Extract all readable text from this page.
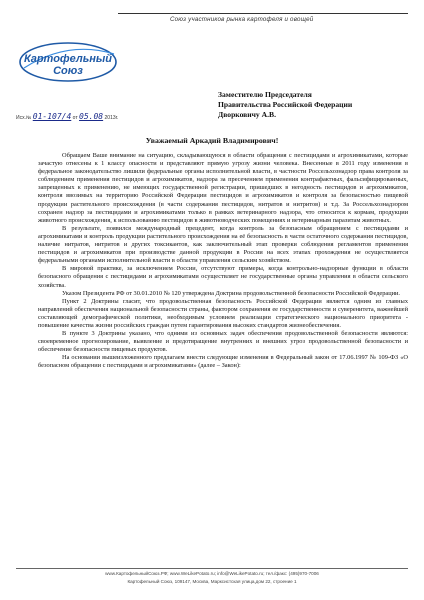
Союз участников рынка картофеля и овощей
Картофельный
Союз
Заместителю Председателя
Правительства Российской Федерации
Дворковичу А.В.
Исх.№ 01-107/4 от 05.08 2013г.
Уважаемый Аркадий Владимирович!

Обращаем Ваше внимание на ситуацию, складывающуюся в области обращения с пестицидами и агрохимикатами, которые зачастую отнесены к 1 классу опасности и представляют прямую угрозу жизни человека. Внесенные в 2011 году изменения в федеральное законодательство лишили федеральные органы исполнительной власти, в частности Россельхознадзор права контроля за соблюдением применения пестицидов и агрохимикатов, надзора за пресечением применения контрафактных, фальсифицированных, запрещенных к применению, не имеющих государственной регистрации, пришедших в негодность пестицидов и агрохимикатов, контроля ввозимых на территорию Российской Федерации пестицидов и агрохимикатов и контроля за безопасностью пищевой продукции растительного происхождения (в части содержания пестицидов, нитратов и нитритов) и т.д. За Россельхознадзором сохранен надзор за пестицидами и агрохимикатами только в рамках ветеринарного надзора, что относится к кормам, продукции животного происхождения, к использованию пестицидов в животноводческих помещениях и ветеринарным паразитам животных.

В результате, появился международный прецедент, когда контроль за безопасным обращением с пестицидами и агрохимикатами и контроль продукции растительного происхождения на её безопасность в части остаточного содержания пестицидов, наличие нитратов, нитритов и других токсикантов, как заключительный этап проверки соблюдения регламентов применения пестицидов и агрохимикатов при производстве данной продукции в России на всех этапах прохождения не осуществляется федеральными органами исполнительной власти в области управления сельским хозяйством.

В мировой практике, за исключением России, отсутствуют примеры, когда контрольно-надзорные функции в области безопасного обращения с пестицидами и агрохимикатами осуществляет не государственные органы управления в области сельского хозяйства.

Указом Президента РФ от 30.01.2010 № 120 утверждена Доктрина продовольственной безопасности Российской Федерации.

Пункт 2 Доктрины гласит, что продовольственная безопасность Российской Федерации является одним из главных направлений обеспечения национальной безопасности страны, фактором сохранения ее государственности и суверенитета, важнейшей составляющей демографической политики, необходимым условием реализации стратегического национального приоритета - повышение качества жизни российских граждан путем гарантирования высоких стандартов жизнеобеспечения.

В пункте 3 Доктрины указано, что одними из основных задач обеспечения продовольственной безопасности являются: своевременное прогнозирование, выявление и предотвращение внутренних и внешних угроз продовольственной безопасности и обеспечение безопасности пищевых продуктов.

На основании вышеизложенного предлагаем внести следующие изменения в Федеральный закон от 17.06.1997 № 109-ФЗ «О безопасном обращении с пестицидами и агрохимикатами» (далее – Закон):

www.КартофельныйСоюз.РФ; www.WeLikePotato.ru; info@WeLikePotato.ru; тел./факс: (495)970-7006
Картофельный Союз, 109147, Москва, Марксистская улица,дом 22, строение 1
